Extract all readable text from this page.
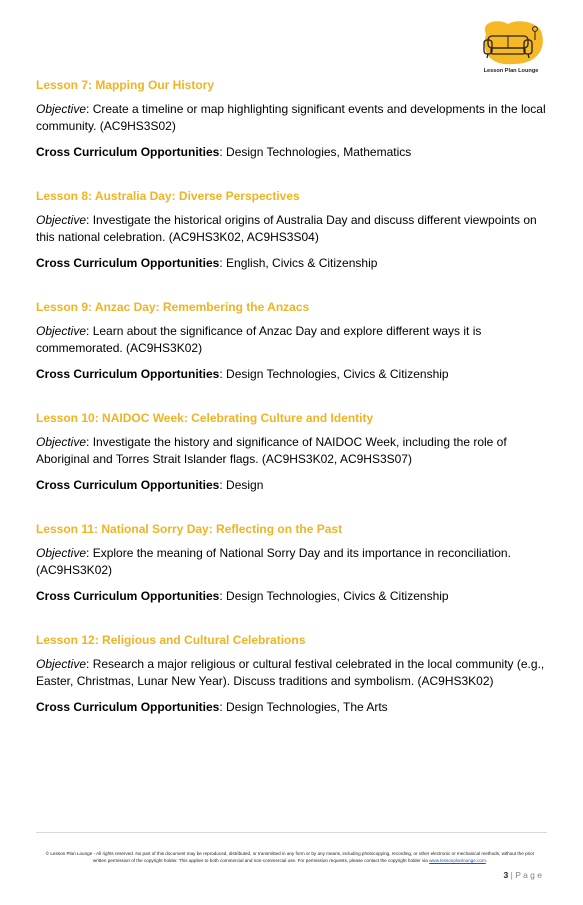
Lesson Plan Lounge

Lesson 7: Mapping Our History

Objective: Create a timeline or map highlighting significant events and developments in the local community. (AC9HS3S02)

Cross Curriculum Opportunities: Design Technologies, Mathematics

Lesson 8: Australia Day: Diverse Perspectives

Objective: Investigate the historical origins of Australia Day and discuss different viewpoints on this national celebration. (AC9HS3K02, AC9HS3S04)

Cross Curriculum Opportunities: English, Civics & Citizenship

Lesson 9: Anzac Day: Remembering the Anzacs

Objective: Learn about the significance of Anzac Day and explore different ways it is commemorated. (AC9HS3K02)

Cross Curriculum Opportunities: Design Technologies, Civics & Citizenship

Lesson 10: NAIDOC Week: Celebrating Culture and Identity

Objective: Investigate the history and significance of NAIDOC Week, including the role of Aboriginal and Torres Strait Islander flags. (AC9HS3K02, AC9HS3S07)

Cross Curriculum Opportunities: Design

Lesson 11: National Sorry Day: Reflecting on the Past

Objective: Explore the meaning of National Sorry Day and its importance in reconciliation. (AC9HS3K02)

Cross Curriculum Opportunities: Design Technologies, Civics & Citizenship

Lesson 12: Religious and Cultural Celebrations

Objective: Research a major religious or cultural festival celebrated in the local community (e.g., Easter, Christmas, Lunar New Year). Discuss traditions and symbolism. (AC9HS3K02)

Cross Curriculum Opportunities: Design Technologies, The Arts

© Lesson Plan Lounge - All rights reserved. No part of this document may be reproduced, distributed, or transmitted in any form or by any means, including photocopying, recording, or other electronic or mechanical methods, without the prior written permission of the copyright holder. This applies to both commercial and non-commercial use. For permission requests, please contact the copyright holder via www.lessonplanlounge.com.
3 | P a g e
